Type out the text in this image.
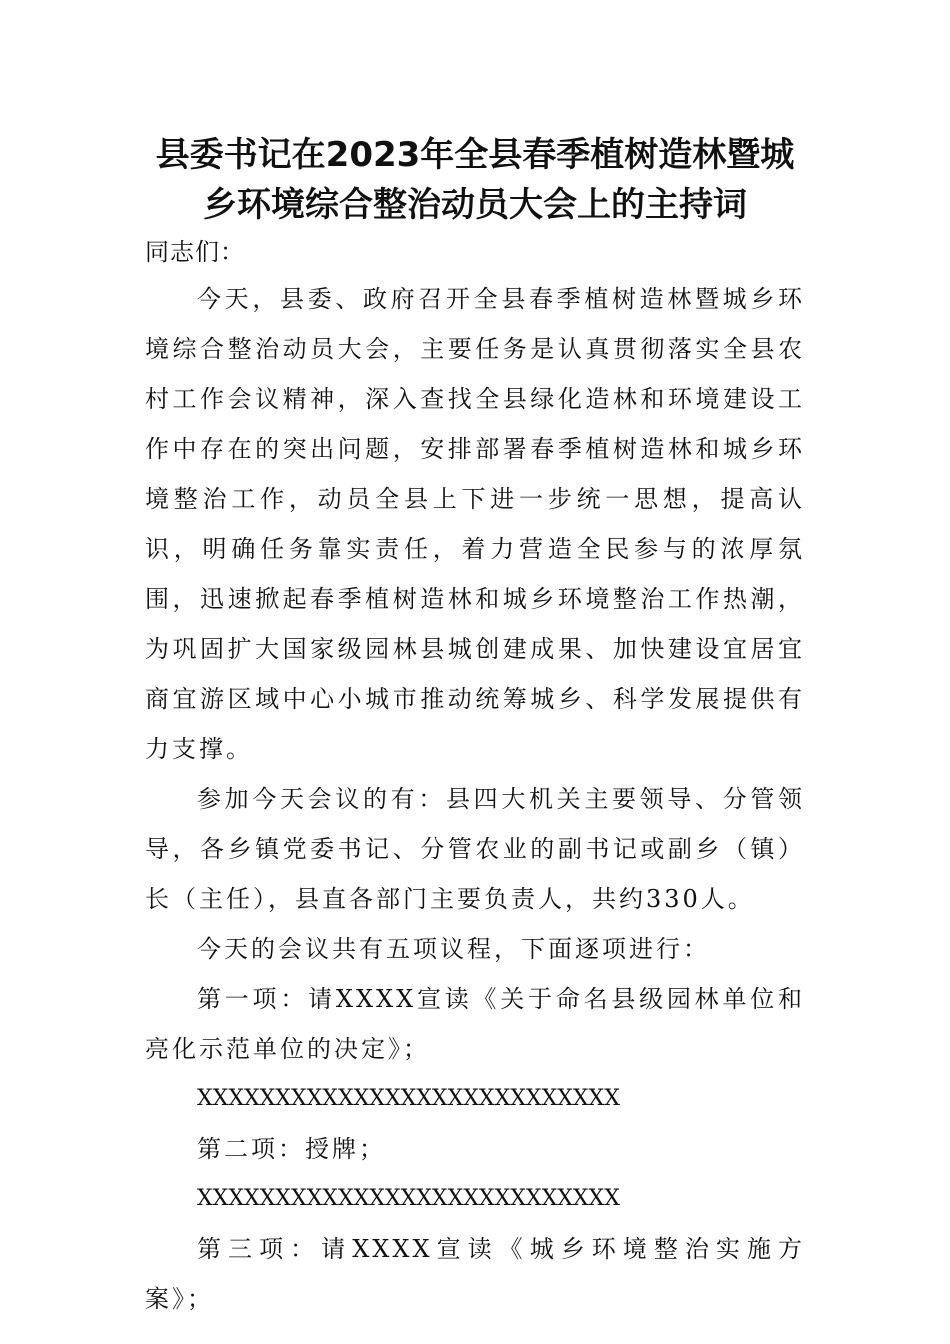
县委书记在2023年全县春季植树造林暨城
乡环境综合整治动员大会上的主持词

同志们：

今天，县委、政府召开全县春季植树造林暨城乡环境综合整治动员大会，主要任务是认真贯彻落实全县农村工作会议精神，深入查找全县绿化造林和环境建设工作中存在的突出问题，安排部署春季植树造林和城乡环境整治工作，动员全县上下进一步统一思想，提高认识，明确任务靠实责任，着力营造全民参与的浓厚氛围，迅速掀起春季植树造林和城乡环境整治工作热潮，为巩固扩大国家级园林县城创建成果、加快建设宜居宜商宜游区域中心小城市推动统筹城乡、科学发展提供有力支撑。

参加今天会议的有：县四大机关主要领导、分管领导，各乡镇党委书记、分管农业的副书记或副乡（镇）长（主任），县直各部门主要负责人，共约330人。

今天的会议共有五项议程，下面逐项进行：

第一项：请XXXX宣读《关于命名县级园林单位和亮化示范单位的决定》；

XXXXXXXXXXXXXXXXXXXXXXXXXXX

第二项：授牌；

XXXXXXXXXXXXXXXXXXXXXXXXXXX

第三项：请XXXX宣读《城乡环境整治实施方案》；
